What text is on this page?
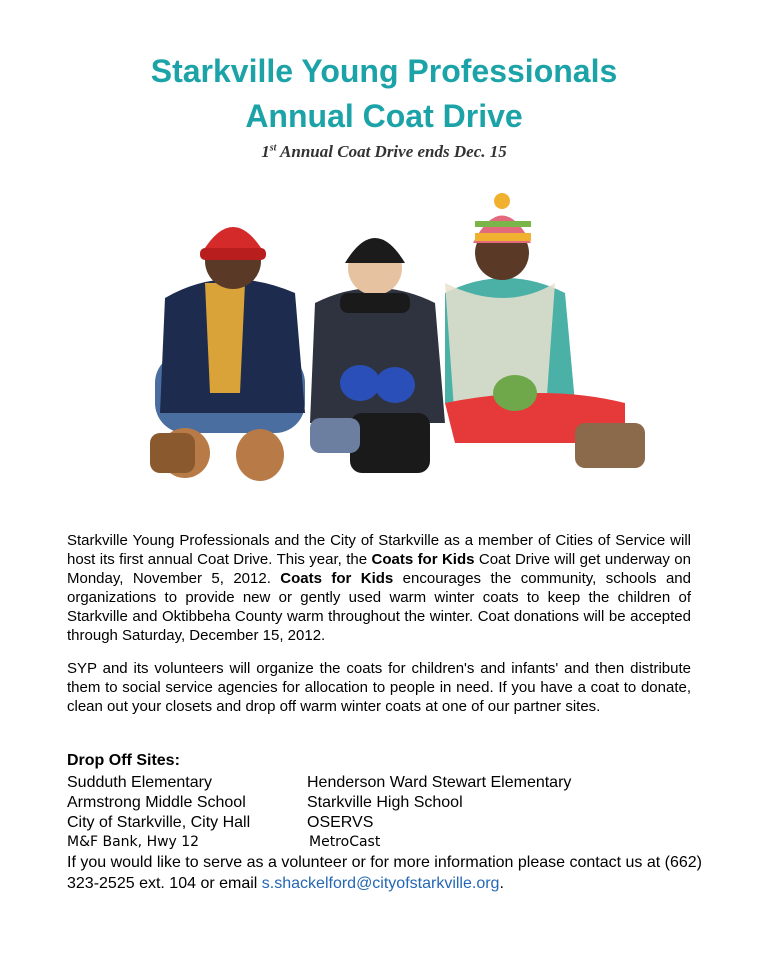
Starkville Young Professionals
Annual Coat Drive
1st Annual Coat Drive ends Dec. 15
Starkville Young Professionals and the City of Starkville as a member of Cities of Service will host its first annual Coat Drive. This year, the Coats for Kids Coat Drive will get underway on Monday, November 5, 2012. Coats for Kids encourages the community, schools and organizations to provide new or gently used warm winter coats to keep the children of Starkville and Oktibbeha County warm throughout the winter. Coat donations will be accepted through Saturday, December 15, 2012.
SYP and its volunteers will organize the coats for children's and infants' and then distribute them to social service agencies for allocation to people in need. If you have a coat to donate, clean out your closets and drop off warm winter coats at one of our partner sites.
Drop Off Sites:
Sudduth Elementary
Armstrong Middle School
City of Starkville, City Hall
M&F Bank, Hwy 12
Henderson Ward Stewart Elementary
Starkville High School
OSERVS
MetroCast
If you would like to serve as a volunteer or for more information please contact us at (662) 323-2525 ext. 104 or email s.shackelford@cityofstarkville.org.
